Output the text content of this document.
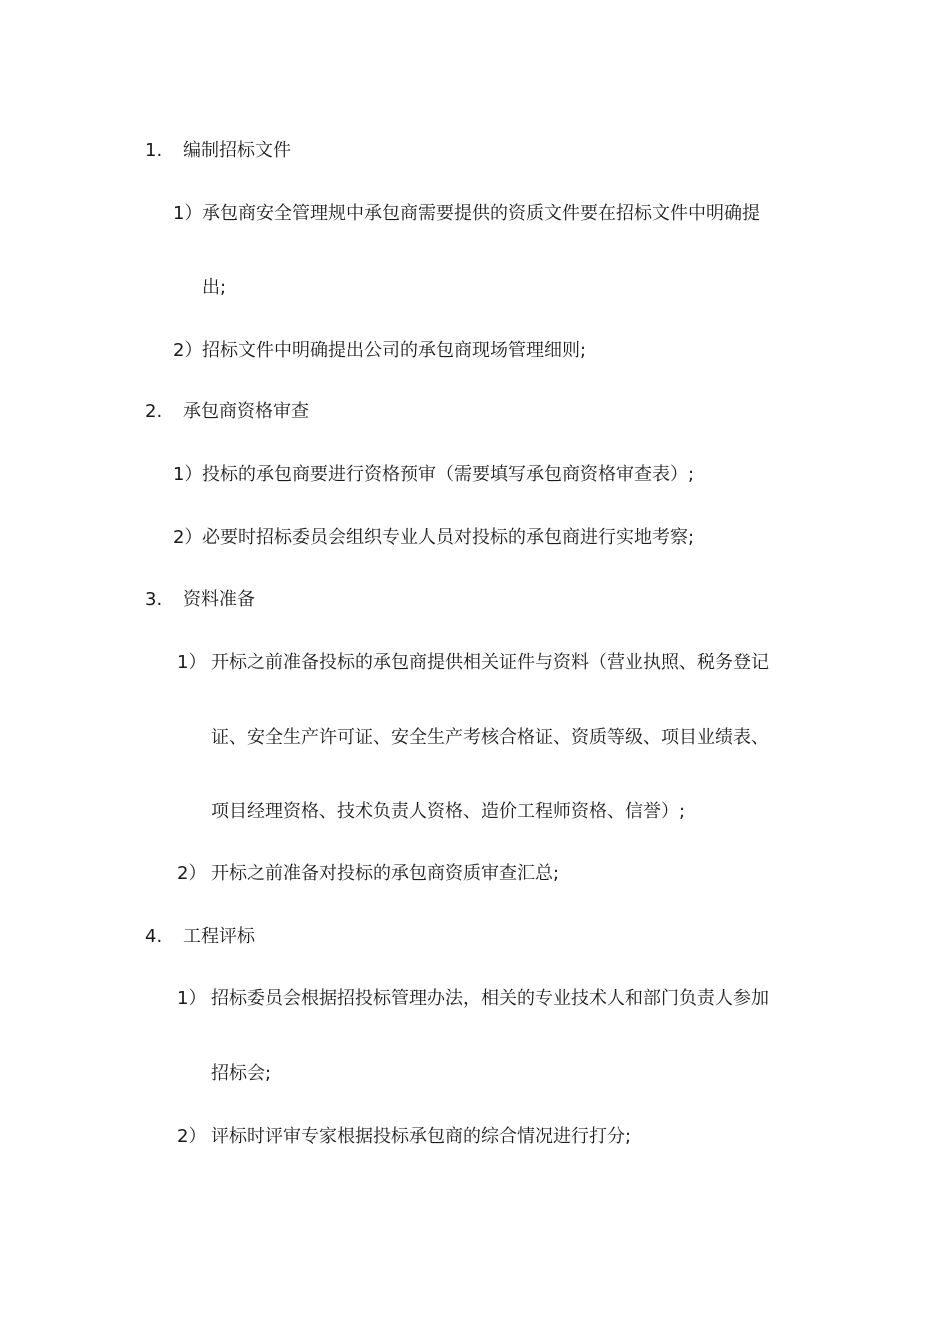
1. 编制招标文件
1）承包商安全管理规中承包商需要提供的资质文件要在招标文件中明确提
出;
2）招标文件中明确提出公司的承包商现场管理细则;
2. 承包商资格审查
1）投标的承包商要进行资格预审（需要填写承包商资格审查表）;
2）必要时招标委员会组织专业人员对投标的承包商进行实地考察;
3. 资料准备
1） 开标之前准备投标的承包商提供相关证件与资料（营业执照、税务登记
证、安全生产许可证、安全生产考核合格证、资质等级、项目业绩表、
项目经理资格、技术负责人资格、造价工程师资格、信誉）;
2） 开标之前准备对投标的承包商资质审查汇总;
4. 工程评标
1） 招标委员会根据招投标管理办法，相关的专业技术人和部门负责人参加
招标会;
2） 评标时评审专家根据投标承包商的综合情况进行打分;
